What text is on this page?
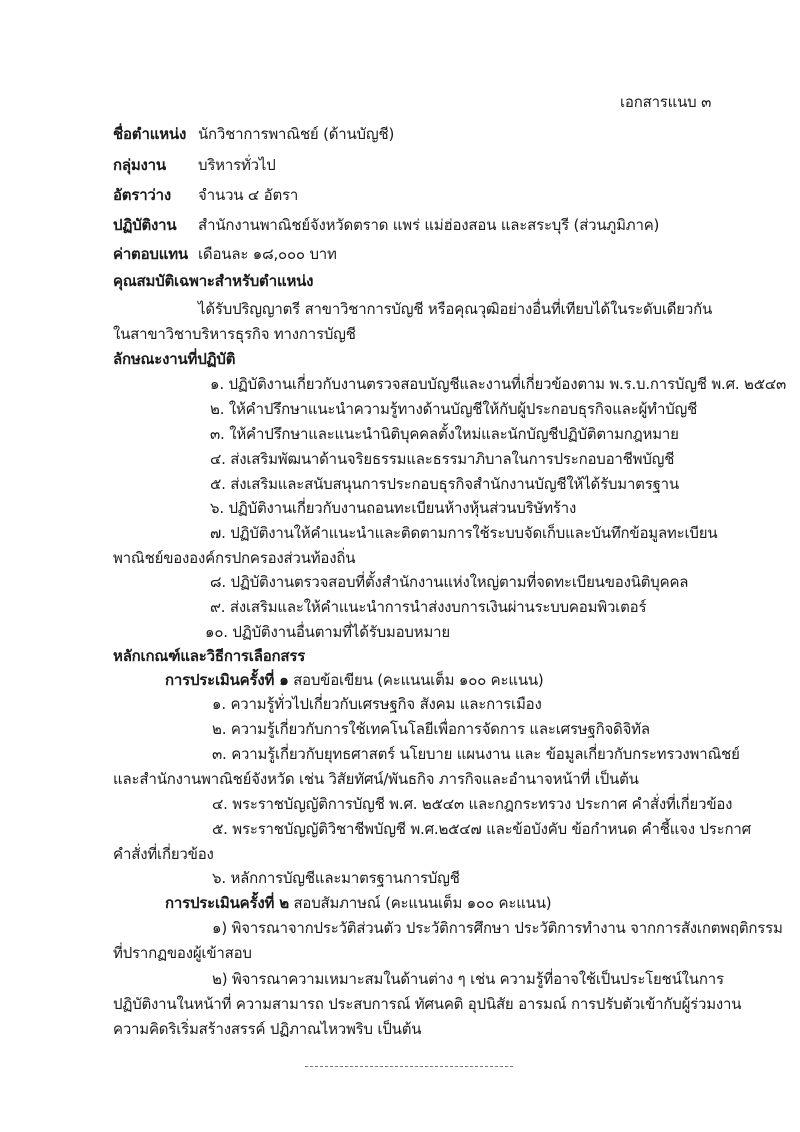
เอกสารแนบ ๓
ชื่อตำแหน่ง นักวิชาการพาณิชย์ (ด้านบัญชี)
กลุ่มงาน บริหารทั่วไป
อัตราว่าง จำนวน ๔ อัตรา
ปฏิบัติงาน สำนักงานพาณิชย์จังหวัดตราด แพร่ แม่ฮ่องสอน และสระบุรี (ส่วนภูมิภาค)
ค่าตอบแทน เดือนละ ๑๘,๐๐๐ บาท
คุณสมบัติเฉพาะสำหรับตำแหน่ง
ได้รับปริญญาตรี สาขาวิชาการบัญชี หรือคุณวุฒิอย่างอื่นที่เทียบได้ในระดับเดียวกัน
ในสาขาวิชาบริหารธุรกิจ ทางการบัญชี
ลักษณะงานที่ปฏิบัติ
๑. ปฏิบัติงานเกี่ยวกับงานตรวจสอบบัญชีและงานที่เกี่ยวข้องตาม พ.ร.บ.การบัญชี พ.ศ. ๒๕๔๓
๒. ให้คำปรึกษาแนะนำความรู้ทางด้านบัญชีให้กับผู้ประกอบธุรกิจและผู้ทำบัญชี
๓. ให้คำปรึกษาและแนะนำนิติบุคคลตั้งใหม่และนักบัญชีปฏิบัติตามกฎหมาย
๔. ส่งเสริมพัฒนาด้านจริยธรรมและธรรมาภิบาลในการประกอบอาชีพบัญชี
๕. ส่งเสริมและสนับสนุนการประกอบธุรกิจสำนักงานบัญชีให้ได้รับมาตรฐาน
๖. ปฏิบัติงานเกี่ยวกับงานถอนทะเบียนห้างหุ้นส่วนบริษัทร้าง
๗. ปฏิบัติงานให้คำแนะนำและติดตามการใช้ระบบจัดเก็บและบันทึกข้อมูลทะเบียน
พาณิชย์ขององค์กรปกครองส่วนท้องถิ่น
๘. ปฏิบัติงานตรวจสอบที่ตั้งสำนักงานแห่งใหญ่ตามที่จดทะเบียนของนิติบุคคล
๙. ส่งเสริมและให้คำแนะนำการนำส่งงบการเงินผ่านระบบคอมพิวเตอร์
๑๐. ปฏิบัติงานอื่นตามที่ได้รับมอบหมาย
หลักเกณฑ์และวิธีการเลือกสรร
การประเมินครั้งที่ ๑ สอบข้อเขียน (คะแนนเต็ม ๑๐๐ คะแนน)
๑. ความรู้ทั่วไปเกี่ยวกับเศรษฐกิจ สังคม และการเมือง
๒. ความรู้เกี่ยวกับการใช้เทคโนโลยีเพื่อการจัดการ และเศรษฐกิจดิจิทัล
๓. ความรู้เกี่ยวกับยุทธศาสตร์ นโยบาย แผนงาน และ ข้อมูลเกี่ยวกับกระทรวงพาณิชย์
และสำนักงานพาณิชย์จังหวัด เช่น วิสัยทัศน์/พันธกิจ ภารกิจและอำนาจหน้าที่ เป็นต้น
๔. พระราชบัญญัติการบัญชี พ.ศ. ๒๕๔๓ และกฎกระทรวง ประกาศ คำสั่งที่เกี่ยวข้อง
๕. พระราชบัญญัติวิชาชีพบัญชี พ.ศ.๒๕๔๗ และข้อบังคับ ข้อกำหนด คำชี้แจง ประกาศ
คำสั่งที่เกี่ยวข้อง
๖. หลักการบัญชีและมาตรฐานการบัญชี
การประเมินครั้งที่ ๒ สอบสัมภาษณ์ (คะแนนเต็ม ๑๐๐ คะแนน)
๑) พิจารณาจากประวัติส่วนตัว ประวัติการศึกษา ประวัติการทำงาน จากการสังเกตพฤติกรรม
ที่ปรากฏของผู้เข้าสอบ
๒) พิจารณาความเหมาะสมในด้านต่าง ๆ เช่น ความรู้ที่อาจใช้เป็นประโยชน์ในการ
ปฏิบัติงานในหน้าที่ ความสามารถ ประสบการณ์ ทัศนคติ อุปนิสัย อารมณ์ การปรับตัวเข้ากับผู้ร่วมงาน
ความคิดริเริ่มสร้างสรรค์ ปฏิภาณไหวพริบ เป็นต้น
